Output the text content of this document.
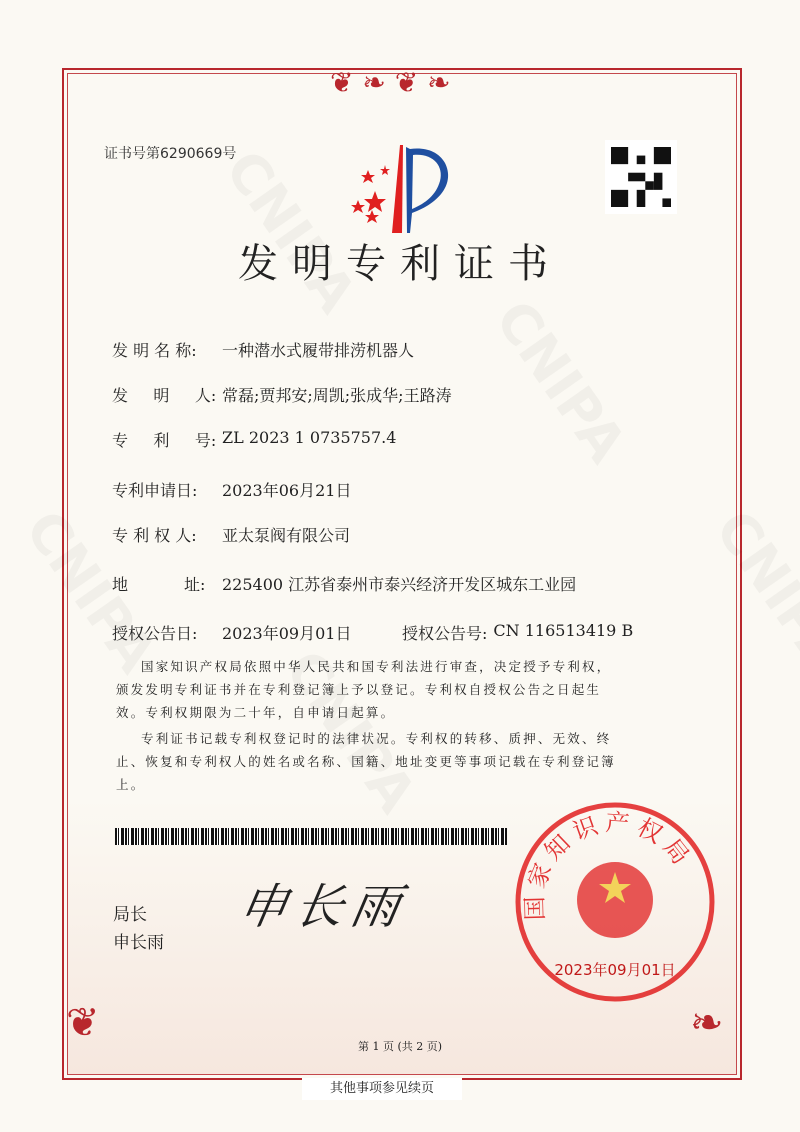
❦ ❧ ❦ ❧
❦	❧
证书号第6290669号
发明专利证书
发 明 名 称:	一种潜水式履带排涝机器人
发     明     人: 常磊;贾邦安;周凯;张成华;王路涛
专     利     号: ZL 2023 1 0735757.4
专利申请日:	2023年06月21日
专 利 权 人:	亚太泵阀有限公司
地           址:	225400 江苏省泰州市泰兴经济开发区城东工业园
授权公告日:	2023年09月01日	授权公告号: CN 116513419 B
国家知识产权局依照中华人民共和国专利法进行审查，决定授予专利权，颁发发明专利证书并在专利登记簿上予以登记。专利权自授权公告之日起生效。专利权期限为二十年，自申请日起算。
专利证书记载专利权登记时的法律状况。专利权的转移、质押、无效、终止、恢复和专利权人的姓名或名称、国籍、地址变更等事项记载在专利登记簿上。
局长
申长雨
申长雨	国家知识产权局
2023年09月01日
第 1 页 (共 2 页)
其他事项参见续页
